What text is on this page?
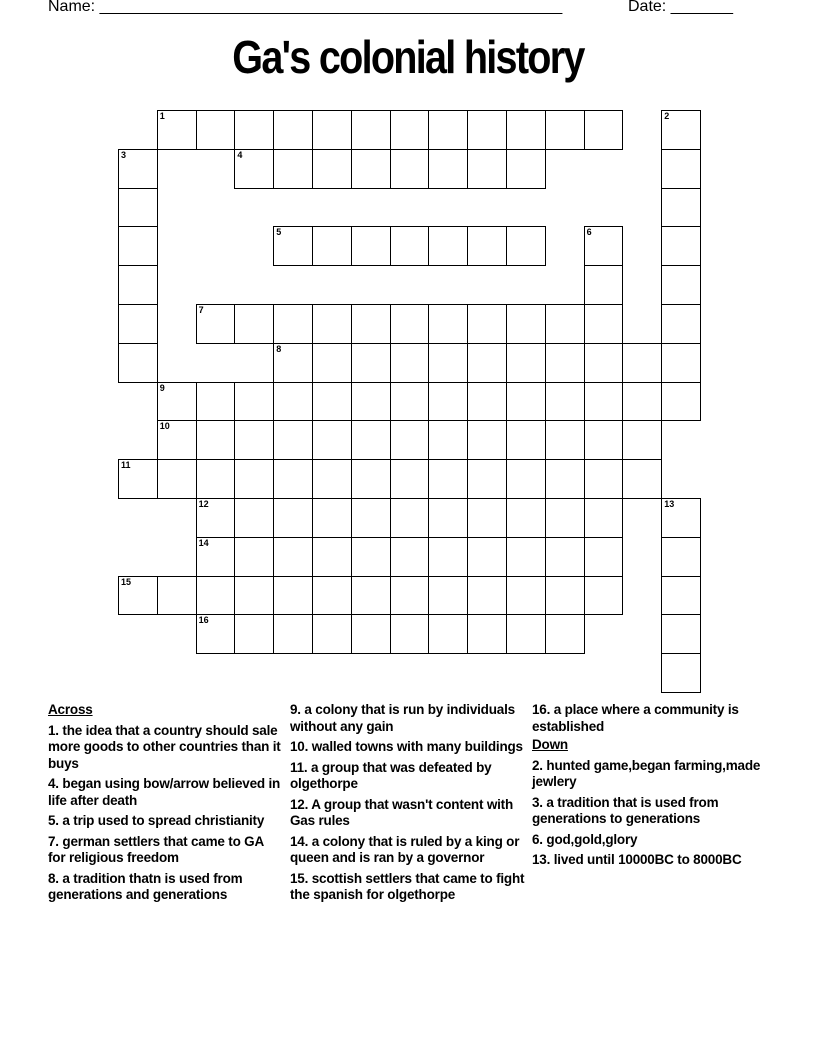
Name: ____________________________________________________	Date: _______
Ga's colonial history
1	2
3	4
5	6
7
8
9
10
11
12	13
14
15
16
Across
1. the idea that a country should sale more goods to other countries than it buys
4. began using bow/arrow believed in life after death
5. a trip used to spread christianity
7. german settlers that came to GA for religious freedom
8. a tradition thatn is used from generations and generations
9. a colony that is run by individuals without any gain
10. walled towns with many buildings
11. a group that was defeated by olgethorpe
12. A group that wasn't content with Gas rules
14. a colony that is ruled by a king or queen and is ran by a governor
15. scottish settlers that came to fight the spanish for olgethorpe
16. a place where a community is established
Down
2. hunted game,began farming,made jewlery
3. a tradition that is used from generations to generations
6. god,gold,glory
13. lived until 10000BC to 8000BC
